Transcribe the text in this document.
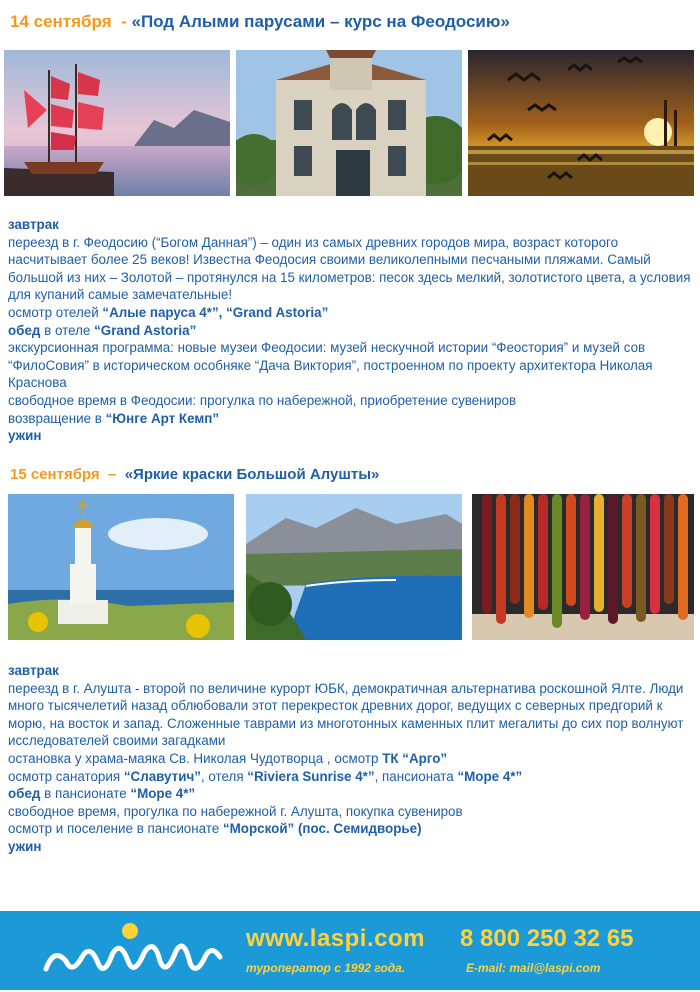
14 сентября  - «Под Алыми парусами – курс на Феодосию»
завтрак
переезд в г. Феодосию (“Богом Данная”) – один из самых древних городов мира, возраст которого насчитывает более 25 веков! Известна Феодосия своими великолепными песчаными пляжами. Самый большой из них – Золотой – протянулся на 15 километров: песок здесь мелкий, золотистого цвета, а условия для купаний самые замечательные!
осмотр отелей “Алые паруса 4*”, “Grand Astoria”
обед в отеле “Grand Astoria”
экскурсионная программа: новые музеи Феодосии: музей нескучной истории “Феостория” и музей сов “ФилоСовия” в историческом особняке “Дача Виктория”, построенном по проекту архитектора Николая Краснова
свободное время в Феодосии: прогулка по набережной, приобретение сувениров
возвращение в “Юнге Арт Кемп”
ужин
15 сентября  –  «Яркие краски Большой Алушты»
завтрак
переезд в г. Алушта - второй по величине курорт ЮБК, демократичная альтернатива роскошной Ялте. Люди много тысячелетий назад облюбовали этот перекресток древних дорог, ведущих с северных предгорий к морю, на восток и запад. Сложенные таврами из многотонных каменных плит мегалиты до сих пор волнуют исследователей своими загадками
остановка у храма-маяка Св. Николая Чудотворца , осмотр ТК “Арго”
осмотр санатория “Славутич”, отеля “Riviera Sunrise 4*”, пансионата “Море 4*”
обед в пансионате “Море 4*”
свободное время, прогулка по набережной г. Алушта, покупка сувениров
осмотр и поселение в пансионате “Морской” (пос. Семидворье)
ужин
www.laspi.com 8 800 250 32 65
туроператор с 1992 года.	E-mail: mail@laspi.com
